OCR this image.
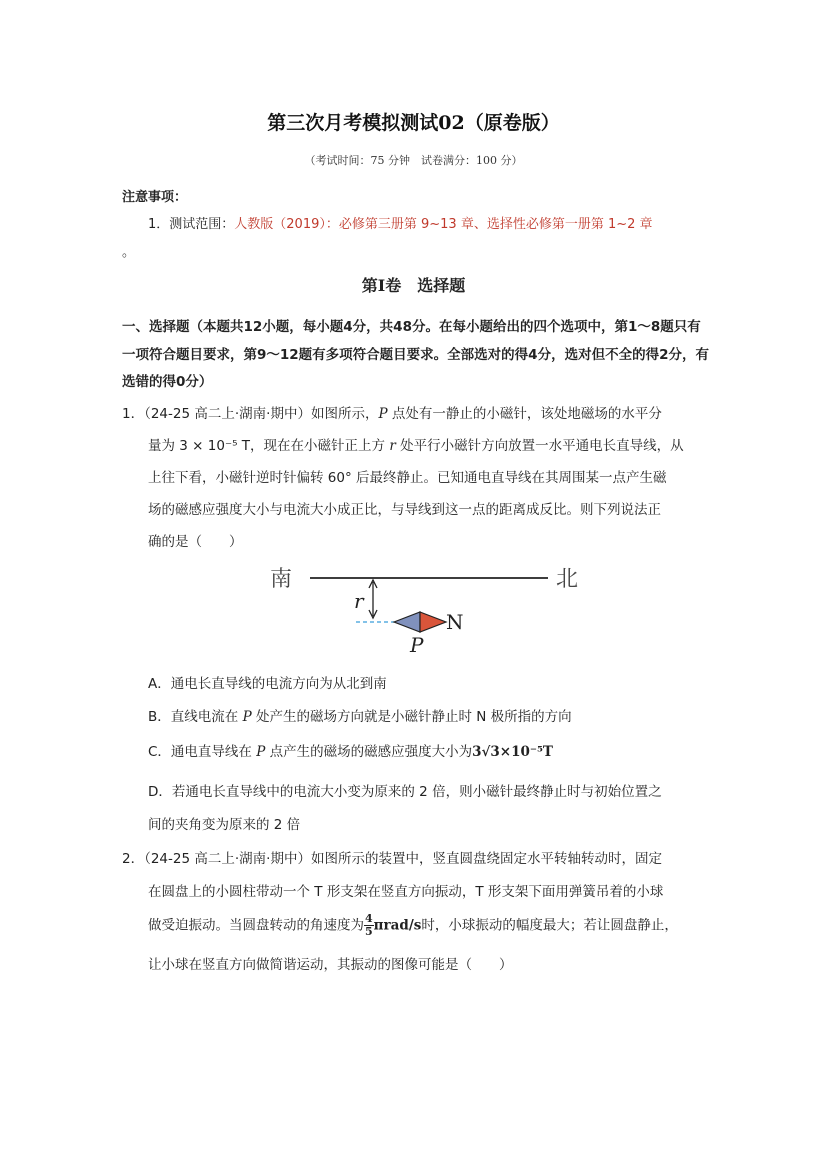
第三次月考模拟测试02（原卷版）
（考试时间：75 分钟　试卷满分：100 分）
注意事项：
1．测试范围：人教版（2019）：必修第三册第 9~13 章、选择性必修第一册第 1~2 章
。
第Ⅰ卷　选择题
一、选择题（本题共12小题，每小题4分，共48分。在每小题给出的四个选项中，第1～8题只有一项符合题目要求，第9～12题有多项符合题目要求。全部选对的得4分，选对但不全的得2分，有选错的得0分）
1．（24-25 高二上·湖南·期中）如图所示，P 点处有一静止的小磁针，该处地磁场的水平分
量为 3 × 10⁻⁵ T，现在在小磁针正上方 r 处平行小磁针方向放置一水平通电长直导线，从
上往下看，小磁针逆时针偏转 60° 后最终静止。已知通电直导线在其周围某一点产生磁
场的磁感应强度大小与电流大小成正比，与导线到这一点的距离成反比。则下列说法正
确的是（　　）
南	北
r
N
P
A．通电长直导线的电流方向为从北到南
B．直线电流在 P 处产生的磁场方向就是小磁针静止时 N 极所指的方向
C．通电直导线在 P 点产生的磁场的磁感应强度大小为3√3×10⁻⁵T
D．若通电长直导线中的电流大小变为原来的 2 倍，则小磁针最终静止时与初始位置之
间的夹角变为原来的 2 倍
2．（24-25 高二上·湖南·期中）如图所示的装置中，竖直圆盘绕固定水平转轴转动时，固定
在圆盘上的小圆柱带动一个 T 形支架在竖直方向振动，T 形支架下面用弹簧吊着的小球
做受迫振动。当圆盘转动的角速度为 $\frac{4}{5} \pi rad/s$时，小球振动的幅度最大；若让圆盘静止，
让小球在竖直方向做简谐运动，其振动的图像可能是（　　）
